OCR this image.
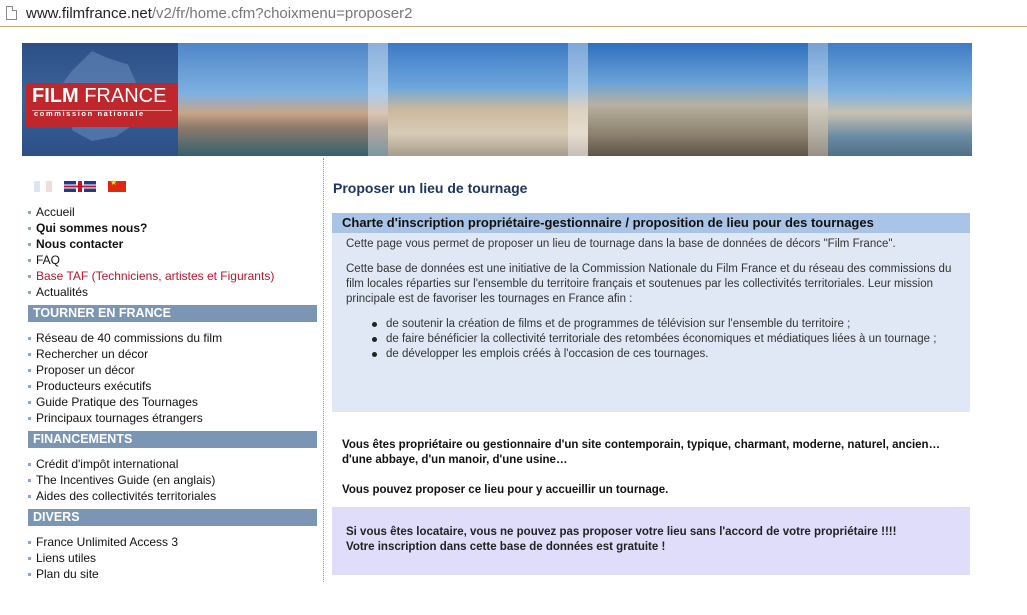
www.filmfrance.net/v2/fr/home.cfm?choixmenu=proposer2
FILM FRANCE
commission nationale
★
Accueil
Qui sommes nous?
Nous contacter
FAQ
Base TAF (Techniciens, artistes et Figurants)
Actualités
TOURNER EN FRANCE
Réseau de 40 commissions du film
Rechercher un décor
Proposer un décor
Producteurs exécutifs
Guide Pratique des Tournages
Principaux tournages étrangers
FINANCEMENTS
Crédit d'impôt international
The Incentives Guide (en anglais)
Aides des collectivités territoriales
DIVERS
France Unlimited Access 3
Liens utiles
Plan du site
Proposer un lieu de tournage
Charte d'inscription propriétaire-gestionnaire / proposition de lieu pour des tournages

Cette page vous permet de proposer un lieu de tournage dans la base de données de décors "Film France".

Cette base de données est une initiative de la Commission Nationale du Film France et du réseau des commissions du film locales réparties sur l'ensemble du territoire français et soutenues par les collectivités territoriales. Leur mission principale est de favoriser les tournages en France afin :

de soutenir la création de films et de programmes de télévision sur l'ensemble du territoire ;
de faire bénéficier la collectivité territoriale des retombées économiques et médiatiques liées à un tournage ;
de développer les emplois créés à l'occasion de ces tournages.
Vous êtes propriétaire ou gestionnaire d'un site contemporain, typique, charmant, moderne, naturel, ancien…
d'une abbaye, d'un manoir, d'une usine…
Vous pouvez proposer ce lieu pour y accueillir un tournage.
Si vous êtes locataire, vous ne pouvez pas proposer votre lieu sans l'accord de votre propriétaire !!!!
Votre inscription dans cette base de données est gratuite !
